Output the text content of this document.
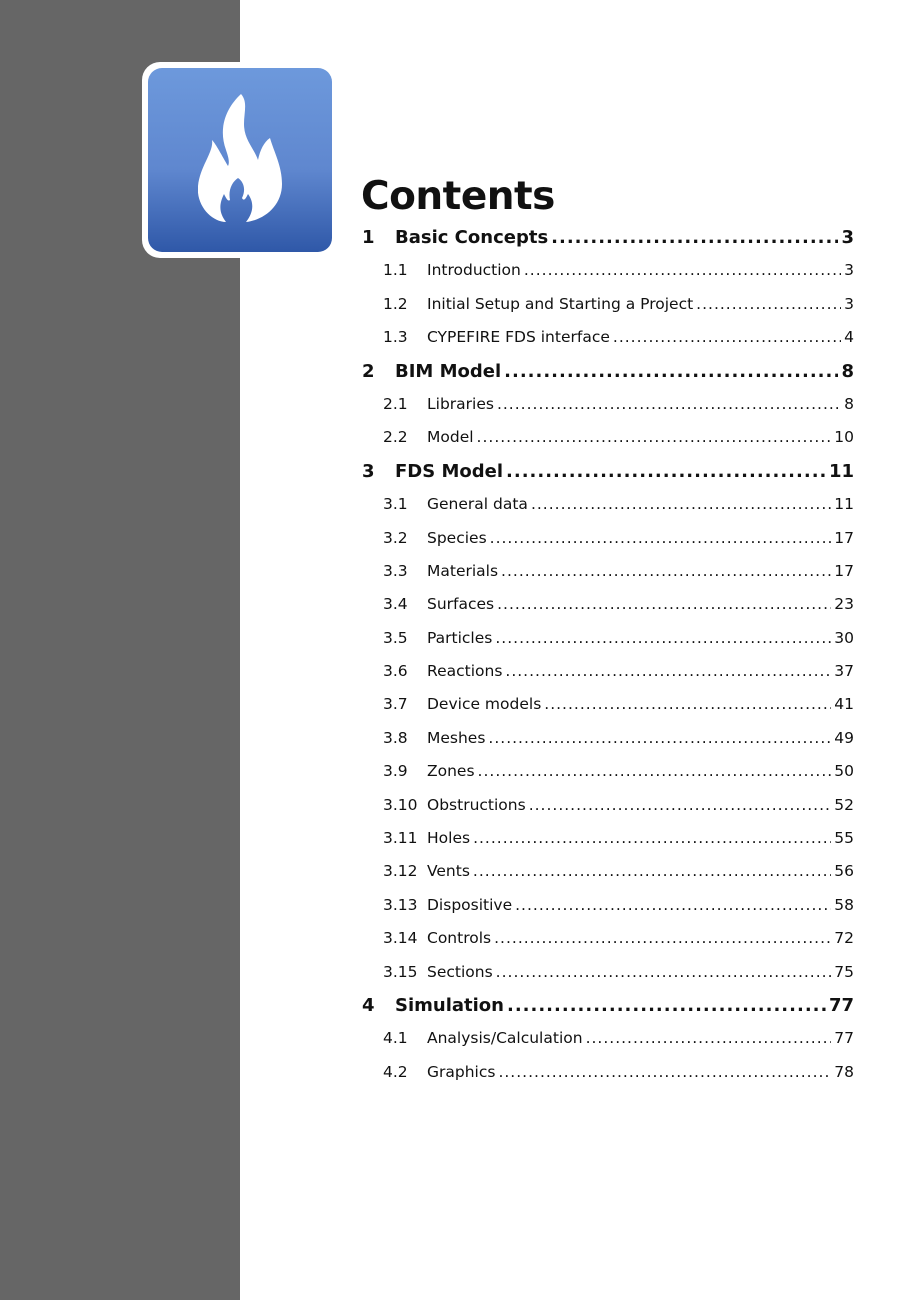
Contents
1	Basic Concepts .....	3
1.1	Introduction .....	3
1.2	Initial Setup and Starting a Project .....	3
1.3	CYPEFIRE FDS interface .....	4
2	BIM Model .....	8
2.1	Libraries .....	8
2.2	Model .....	10
3	FDS Model .....	11
3.1	General data .....	11
3.2	Species .....	17
3.3	Materials .....	17
3.4	Surfaces .....	23
3.5	Particles .....	30
3.6	Reactions .....	37
3.7	Device models .....	41
3.8	Meshes .....	49
3.9	Zones .....	50
3.10 Obstructions .....	52
3.11 Holes .....	55
3.12 Vents .....	56
3.13 Dispositive .....	58
3.14 Controls .....	72
3.15 Sections .....	75
4	Simulation .....	77
4.1	Analysis/Calculation .....	77
4.2	Graphics .....	78
